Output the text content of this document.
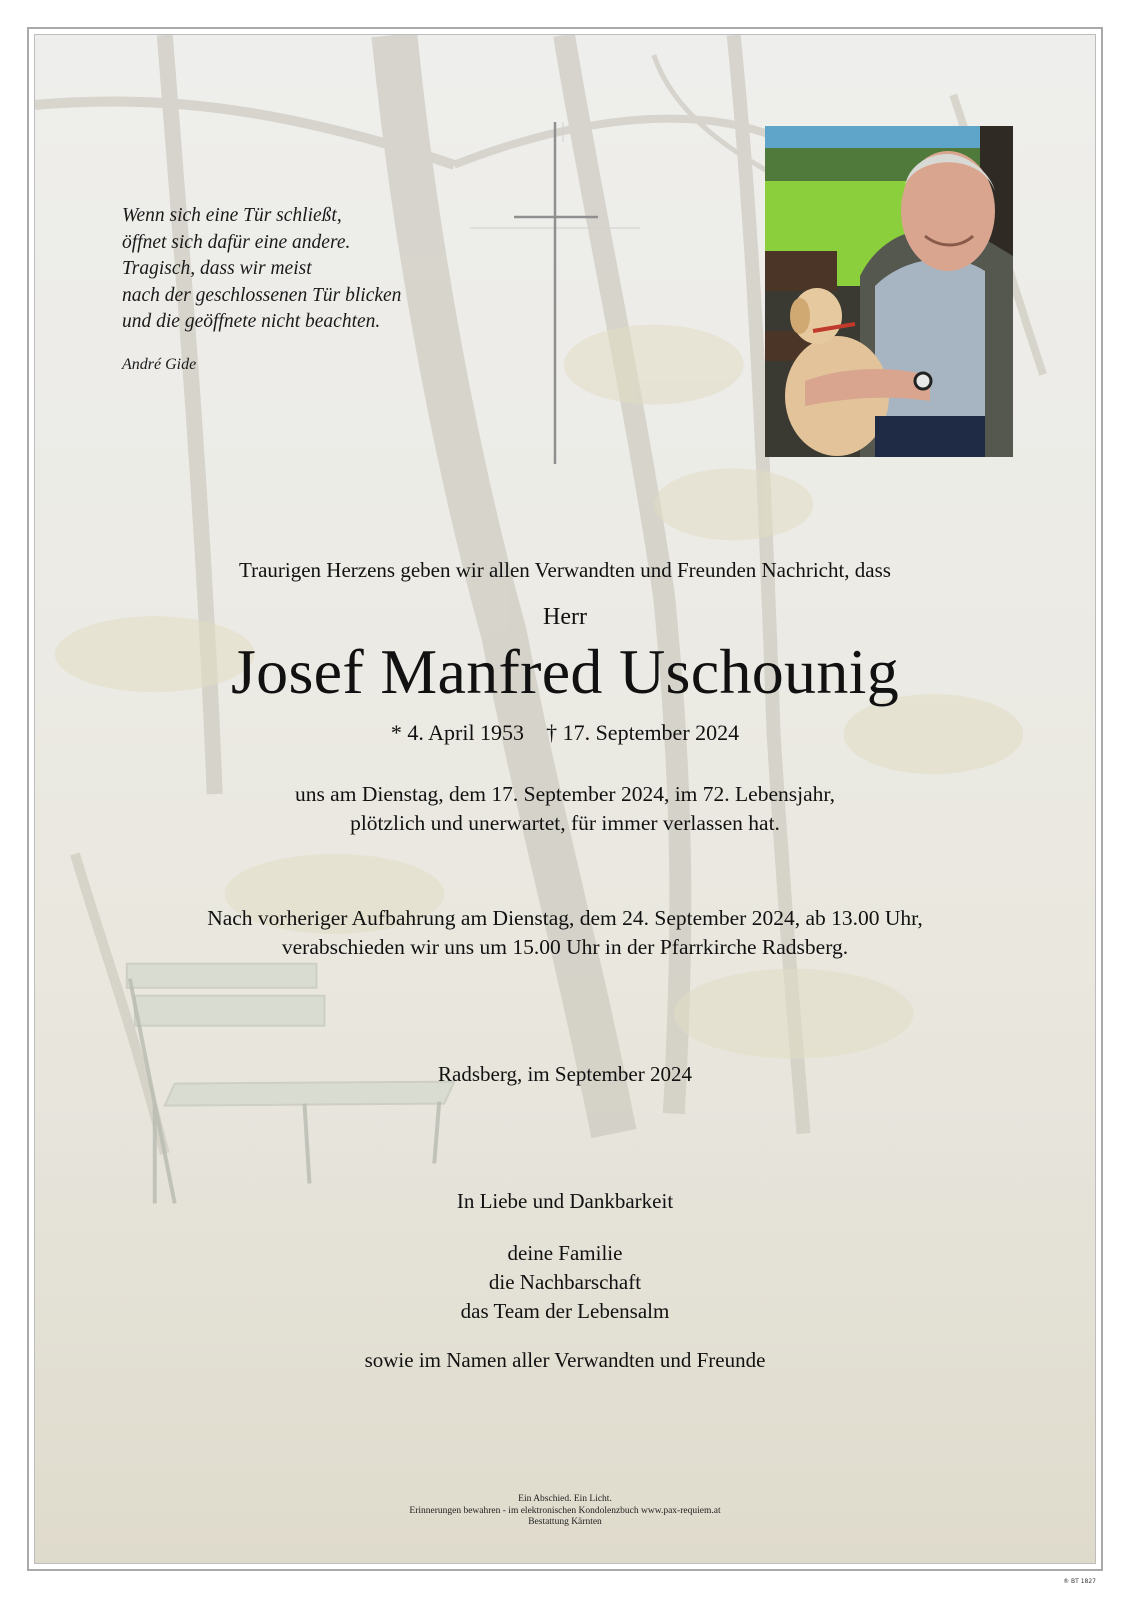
Wenn sich eine Tür schließt,
öffnet sich dafür eine andere.
Tragisch, dass wir meist
nach der geschlossenen Tür blicken
und die geöffnete nicht beachten.
André Gide
Traurigen Herzens geben wir allen Verwandten und Freunden Nachricht, dass
Herr
Josef Manfred Uschounig
* 4. April 1953 † 17. September 2024
uns am Dienstag, dem 17. September 2024, im 72. Lebensjahr,
plötzlich und unerwartet, für immer verlassen hat.
Nach vorheriger Aufbahrung am Dienstag, dem 24. September 2024, ab 13.00 Uhr,
verabschieden wir uns um 15.00 Uhr in der Pfarrkirche Radsberg.
Radsberg, im September 2024
In Liebe und Dankbarkeit
deine Familie
die Nachbarschaft
das Team der Lebensalm
sowie im Namen aller Verwandten und Freunde
Ein Abschied. Ein Licht.
Erinnerungen bewahren - im elektronischen Kondolenzbuch www.pax-requiem.at
Bestattung Kärnten
® BT 1827
